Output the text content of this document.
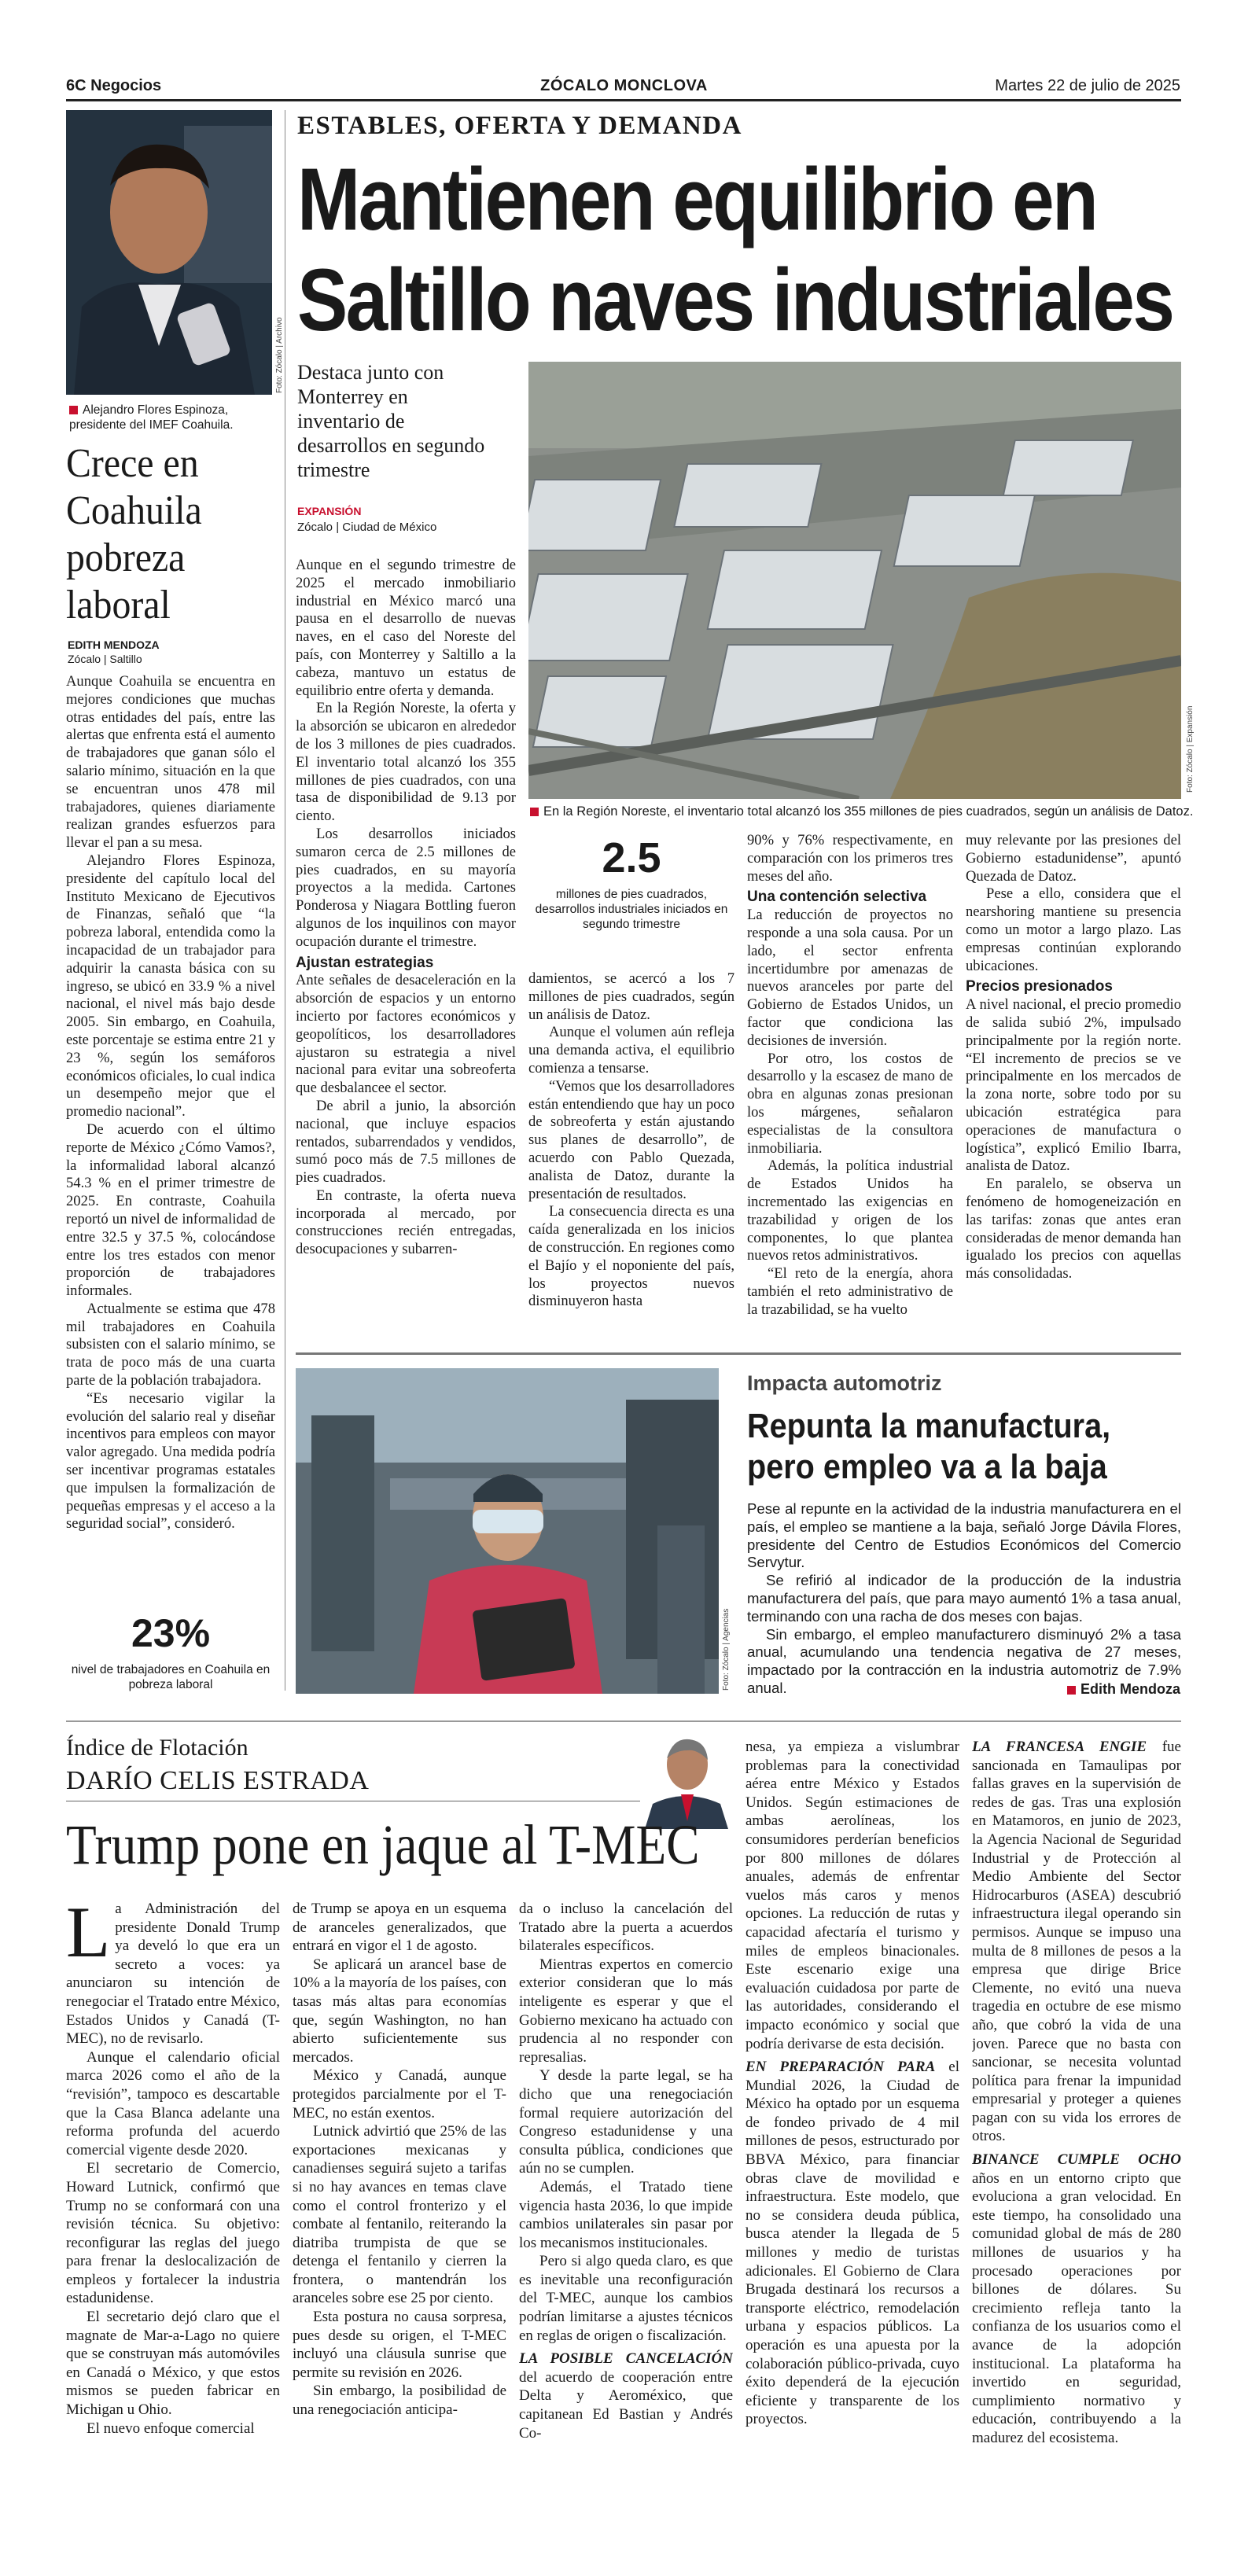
6C Negocios	ZÓCALO MONCLOVA	Martes 22 de julio de 2025
Foto: Zócalo | Archivo
Alejandro Flores Espinoza, presidente del IMEF Coahuila.
Crece en Coahuila pobreza laboral
EDITH MENDOZA
Zócalo | Saltillo

Aunque Coahuila se encuentra en mejores condiciones que muchas otras entidades del país, entre las alertas que enfrenta está el aumento de trabajadores que ganan sólo el salario mínimo, situación en la que se encuentran unos 478 mil trabajadores, quienes diariamente realizan grandes esfuerzos para llevar el pan a su mesa.

Alejandro Flores Espinoza, presidente del capítulo local del Instituto Mexicano de Ejecutivos de Finanzas, señaló que “la pobreza laboral, entendida como la incapacidad de un trabajador para adquirir la canasta básica con su ingreso, se ubicó en 33.9 % a nivel nacional, el nivel más bajo desde 2005. Sin embargo, en Coahuila, este porcentaje se estima entre 21 y 23 %, según los semáforos económicos oficiales, lo cual indica un desempeño mejor que el promedio nacional”.

De acuerdo con el último reporte de México ¿Cómo Vamos?, la informalidad laboral alcanzó 54.3 % en el primer trimestre de 2025. En contraste, Coahuila reportó un nivel de informalidad de entre 32.5 y 37.5 %, colocándose entre los tres estados con menor proporción de trabajadores informales.

Actualmente se estima que 478 mil trabajadores en Coahuila subsisten con el salario mínimo, se trata de poco más de una cuarta parte de la población trabajadora.

“Es necesario vigilar la evolución del salario real y diseñar incentivos para empleos con mayor valor agregado. Una medida podría ser incentivar programas estatales que impulsen la formalización de pequeñas empresas y el acceso a la seguridad social”, consideró.

23%
nivel de trabajadores en Coahuila en pobreza laboral
ESTABLES, OFERTA Y DEMANDA
Mantienen equilibrio en
Saltillo naves industriales
Destaca junto con Monterrey en inventario de desarrollos en segundo trimestre
EXPANSIÓN
Zócalo | Ciudad de México
Foto: Zócalo | Expansión
En la Región Noreste, el inventario total alcanzó los 355 millones de pies cuadrados, según un análisis de Datoz.

Aunque en el segundo trimestre de 2025 el mercado inmobiliario industrial en México marcó una pausa en el desarrollo de nuevas naves, en el caso del Noreste del país, con Monterrey y Saltillo a la cabeza, mantuvo un estatus de equilibrio entre oferta y demanda.

En la Región Noreste, la oferta y la absorción se ubicaron en alrededor de los 3 millones de pies cuadrados. El inventario total alcanzó los 355 millones de pies cuadrados, con una tasa de disponibilidad de 9.13 por ciento.

Los desarrollos iniciados sumaron cerca de 2.5 millones de pies cuadrados, en su mayoría proyectos a la medida. Cartones Ponderosa y Niagara Bottling fueron algunos de los inquilinos con mayor ocupación durante el trimestre.

Ajustan estrategias

Ante señales de desaceleración en la absorción de espacios y un entorno incierto por factores económicos y geopolíticos, los desarrolladores ajustaron su estrategia a nivel nacional para evitar una sobreoferta que desbalancee el sector.

De abril a junio, la absorción nacional, que incluye espacios rentados, subarrendados y vendidos, sumó poco más de 7.5 millones de pies cuadrados.

En contraste, la oferta nueva incorporada al mercado, por construcciones recién entregadas, desocupaciones y subarren-

2.5
millones de pies cuadrados, desarrollos industriales iniciados en segundo trimestre

damientos, se acercó a los 7 millones de pies cuadrados, según un análisis de Datoz.

Aunque el volumen aún refleja una demanda activa, el equilibrio comienza a tensarse.

“Vemos que los desarrolladores están entendiendo que hay un poco de sobreoferta y están ajustando sus planes de desarrollo”, de acuerdo con Pablo Quezada, analista de Datoz, durante la presentación de resultados.

La consecuencia directa es una caída generalizada en los inicios de construcción. En regiones como el Bajío y el noponiente del país, los proyectos nuevos disminuyeron hasta

90% y 76% respectivamente, en comparación con los primeros tres meses del año.

Una contención selectiva

La reducción de proyectos no responde a una sola causa. Por un lado, el sector enfrenta incertidumbre por amenazas de nuevos aranceles por parte del Gobierno de Estados Unidos, un factor que condiciona las decisiones de inversión.

Por otro, los costos de desarrollo y la escasez de mano de obra en algunas zonas presionan los márgenes, señalaron especialistas de la consultora inmobiliaria.

Además, la política industrial de Estados Unidos ha incrementado las exigencias en trazabilidad y origen de los componentes, lo que plantea nuevos retos administrativos.

“El reto de la energía, ahora también el reto administrativo de la trazabilidad, se ha vuelto

muy relevante por las presiones del Gobierno estadunidense”, apuntó Quezada de Datoz.

Pese a ello, considera que el nearshoring mantiene su presencia como un motor a largo plazo. Las empresas continúan explorando ubicaciones.

Precios presionados

A nivel nacional, el precio promedio de salida subió 2%, impulsado principalmente por la región norte. “El incremento de precios se ve principalmente en los mercados de la zona norte, sobre todo por su ubicación estratégica para operaciones de manufactura o logística”, explicó Emilio Ibarra, analista de Datoz.

En paralelo, se observa un fenómeno de homogeneización en las tarifas: zonas que antes eran consideradas de menor demanda han igualado los precios con aquellas más consolidadas.

Foto: Zócalo | Agencias
Impacta automotriz
Repunta la manufactura,
pero empleo va a la baja

Pese al repunte en la actividad de la industria manufacturera en el país, el empleo se mantiene a la baja, señaló Jorge Dávila Flores, presidente del Centro de Estudios Económicos del Comercio Servytur.

Se refirió al indicador de la producción de la industria manufacturera del país, que para mayo aumentó 1% a tasa anual, terminando con una racha de dos meses con bajas.

Sin embargo, el empleo manufacturero disminuyó 2% a tasa anual, acumulando una tendencia negativa de 27 meses, impactado por la contracción en la industria automotriz de 7.9% anual.	Edith Mendoza
Índice de Flotación
DARÍO CELIS ESTRADA
Trump pone en jaque al T-MEC
L a Administración del presidente Donald Trump ya develó lo que era un secreto a voces: ya anunciaron su intención de renegociar el Tratado entre México, Estados Unidos y Canadá (T-MEC), no de revisarlo.

Aunque el calendario oficial marca 2026 como el año de la “revisión”, tampoco es descartable que la Casa Blanca adelante una reforma profunda del acuerdo comercial vigente desde 2020.

El secretario de Comercio, Howard Lutnick, confirmó que Trump no se conformará con una revisión técnica. Su objetivo: reconfigurar las reglas del juego para frenar la deslocalización de empleos y fortalecer la industria estadunidense.

El secretario dejó claro que el magnate de Mar-a-Lago no quiere que se construyan más automóviles en Canadá o México, y que estos mismos se pueden fabricar en Michigan u Ohio.

El nuevo enfoque comercial

de Trump se apoya en un esquema de aranceles generalizados, que entrará en vigor el 1 de agosto.

Se aplicará un arancel base de 10% a la mayoría de los países, con tasas más altas para economías que, según Washington, no han abierto suficientemente sus mercados.

México y Canadá, aunque protegidos parcialmente por el T-MEC, no están exentos.

Lutnick advirtió que 25% de las exportaciones mexicanas y canadienses seguirá sujeto a tarifas si no hay avances en temas clave como el control fronterizo y el combate al fentanilo, reiterando la diatriba trumpista de que se detenga el fentanilo y cierren la frontera, o mantendrán los aranceles sobre ese 25 por ciento.

Esta postura no causa sorpresa, pues desde su origen, el T-MEC incluyó una cláusula sunrise que permite su revisión en 2026.

Sin embargo, la posibilidad de una renegociación anticipa-

da o incluso la cancelación del Tratado abre la puerta a acuerdos bilaterales específicos.

Mientras expertos en comercio exterior consideran que lo más inteligente es esperar y que el Gobierno mexicano ha actuado con prudencia al no responder con represalias.

Y desde la parte legal, se ha dicho que una renegociación formal requiere autorización del Congreso estadunidense y una consulta pública, condiciones que aún no se cumplen.

Además, el Tratado tiene vigencia hasta 2036, lo que impide cambios unilaterales sin pasar por los mecanismos institucionales.

Pero si algo queda claro, es que es inevitable una reconfiguración del T-MEC, aunque los cambios podrían limitarse a ajustes técnicos en reglas de origen o fiscalización.

LA POSIBLE CANCELACIÓN del acuerdo de cooperación entre Delta y Aeroméxico, que capitanean Ed Bastian y Andrés Co-

nesa, ya empieza a vislumbrar problemas para la conectividad aérea entre México y Estados Unidos. Según estimaciones de ambas aerolíneas, los consumidores perderían beneficios por 800 millones de dólares anuales, además de enfrentar vuelos más caros y menos opciones. La reducción de rutas y capacidad afectaría el turismo y miles de empleos binacionales. Este escenario exige una evaluación cuidadosa por parte de las autoridades, considerando el impacto económico y social que podría derivarse de esta decisión.

EN PREPARACIÓN PARA el Mundial 2026, la Ciudad de México ha optado por un esquema de fondeo privado de 4 mil millones de pesos, estructurado por BBVA México, para financiar obras clave de movilidad e infraestructura. Este modelo, que no se considera deuda pública, busca atender la llegada de 5 millones y medio de turistas adicionales. El Gobierno de Clara Brugada destinará los recursos a transporte eléctrico, remodelación urbana y espacios públicos. La operación es una apuesta por la colaboración público-privada, cuyo éxito dependerá de la ejecución eficiente y transparente de los proyectos.

LA FRANCESA ENGIE fue sancionada en Tamaulipas por fallas graves en la supervisión de redes de gas. Tras una explosión en Matamoros, en junio de 2023, la Agencia Nacional de Seguridad Industrial y de Protección al Medio Ambiente del Sector Hidrocarburos (ASEA) descubrió infraestructura ilegal operando sin permisos. Aunque se impuso una multa de 8 millones de pesos a la empresa que dirige Brice Clemente, no evitó una nueva tragedia en octubre de ese mismo año, que cobró la vida de una joven. Parece que no basta con sancionar, se necesita voluntad política para frenar la impunidad empresarial y proteger a quienes pagan con su vida los errores de otros.

BINANCE CUMPLE OCHO años en un entorno cripto que evoluciona a gran velocidad. En este tiempo, ha consolidado una comunidad global de más de 280 millones de usuarios y ha procesado operaciones por billones de dólares. Su crecimiento refleja tanto la confianza de los usuarios como el avance de la adopción institucional. La plataforma ha invertido en seguridad, cumplimiento normativo y educación, contribuyendo a la madurez del ecosistema.
